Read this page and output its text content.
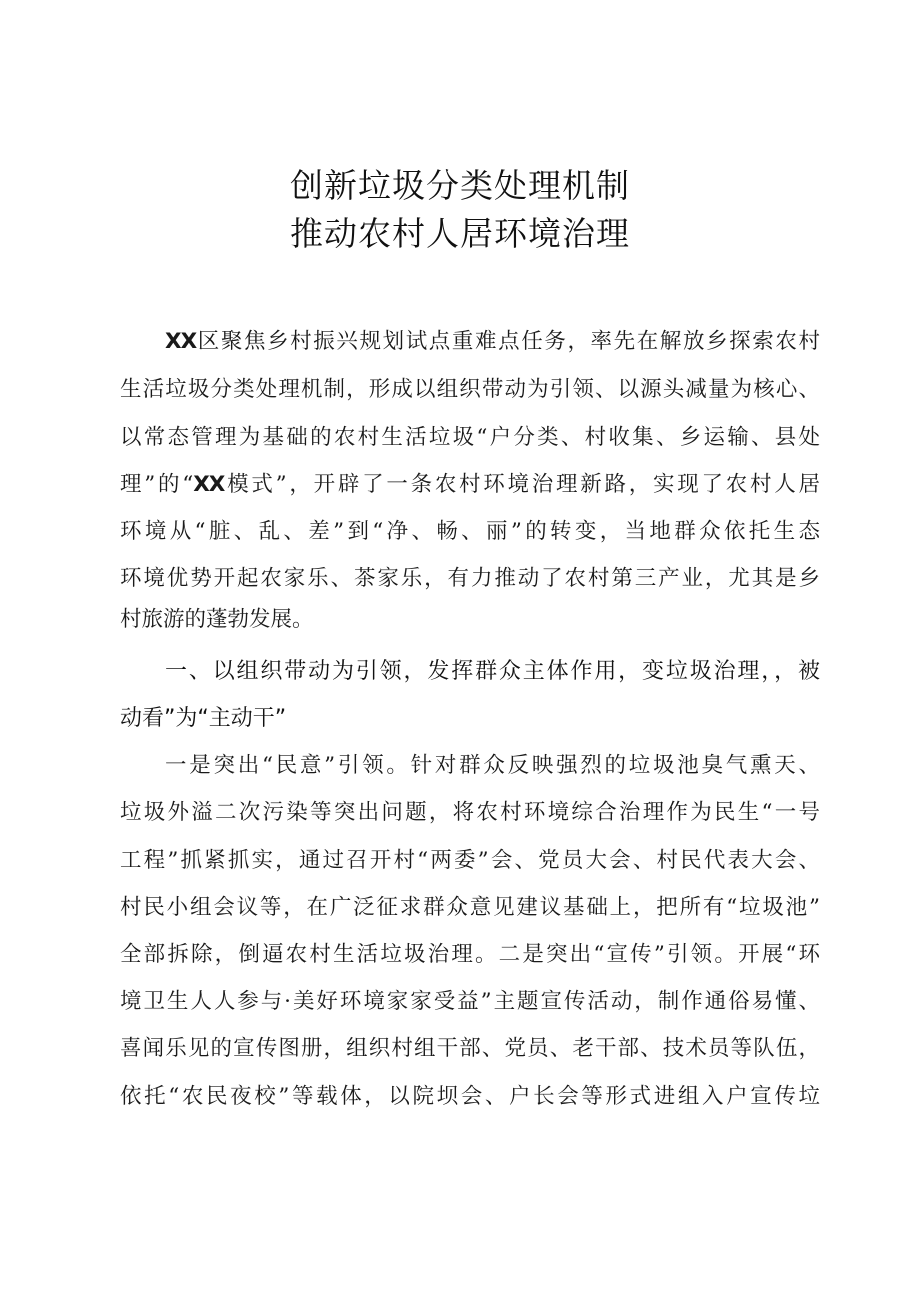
创新垃圾分类处理机制
推动农村人居环境治理
XX区聚焦乡村振兴规划试点重难点任务，率先在解放乡探索农村
生活垃圾分类处理机制，形成以组织带动为引领、以源头减量为核心、
以常态管理为基础的农村生活垃圾“户分类、村收集、乡运输、县处
理”的“XX模式”，开辟了一条农村环境治理新路，实现了农村人居
环境从“脏、乱、差”到“净、畅、丽”的转变，当地群众依托生态
环境优势开起农家乐、茶家乐，有力推动了农村第三产业，尤其是乡
村旅游的蓬勃发展。
一、以组织带动为引领，发挥群众主体作用，变垃圾治理，，被
动看”为“主动干”
一是突出“民意”引领。针对群众反映强烈的垃圾池臭气熏天、
垃圾外溢二次污染等突出问题，将农村环境综合治理作为民生“一号
工程”抓紧抓实，通过召开村“两委”会、党员大会、村民代表大会、
村民小组会议等，在广泛征求群众意见建议基础上，把所有“垃圾池”
全部拆除，倒逼农村生活垃圾治理。二是突出“宣传”引领。开展“环
境卫生人人参与·美好环境家家受益”主题宣传活动，制作通俗易懂、
喜闻乐见的宣传图册，组织村组干部、党员、老干部、技术员等队伍，
依托“农民夜校”等载体，以院坝会、户长会等形式进组入户宣传垃
